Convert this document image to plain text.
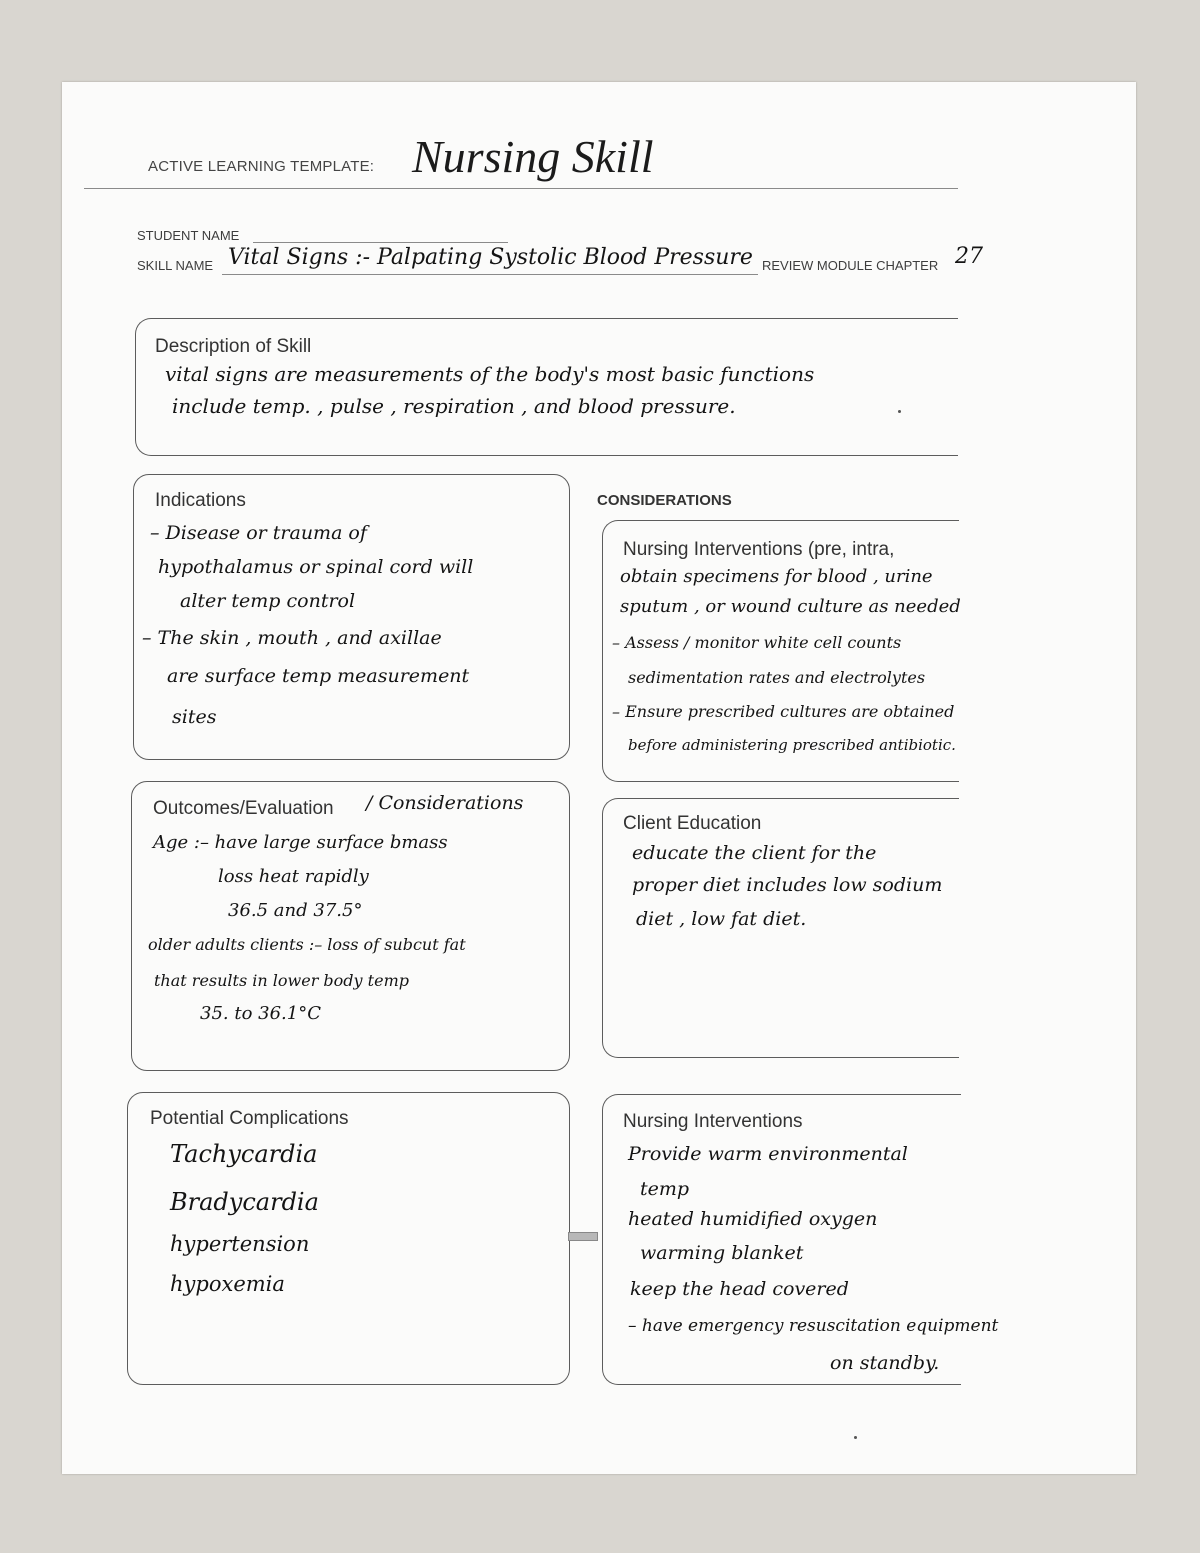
ACTIVE LEARNING TEMPLATE: Nursing Skill
STUDENT NAME
SKILL NAME Vital Signs :- Palpating Systolic Blood Pressure REVIEW MODULE CHAPTER 27
Description of Skill
vital signs are measurements of the body's most basic functions
include temp. , pulse , respiration , and blood pressure.
CONSIDERATIONS
Indications
– Disease or trauma of
hypothalamus or spinal cord will
alter temp control
– The skin , mouth , and axillae
are surface temp measurement
sites
Nursing Interventions (pre, intra,
obtain specimens for blood , urine
sputum , or wound culture as needed
– Assess / monitor white cell counts
sedimentation rates and electrolytes
– Ensure prescribed cultures are obtained
before administering prescribed antibiotic.
Outcomes/Evaluation / Considerations
Age :– have large surface bmass
loss heat rapidly
36.5 and 37.5°
older adults clients :– loss of subcut fat
that results in lower body temp
35. to 36.1°C
Client Education
educate the client for the
proper diet includes low sodium
diet , low fat diet.
Potential Complications
Tachycardia
Bradycardia
hypertension
hypoxemia
Nursing Interventions
Provide warm environmental
temp
heated humidified oxygen
warming blanket
keep the head covered
– have emergency resuscitation equipment
on standby.
